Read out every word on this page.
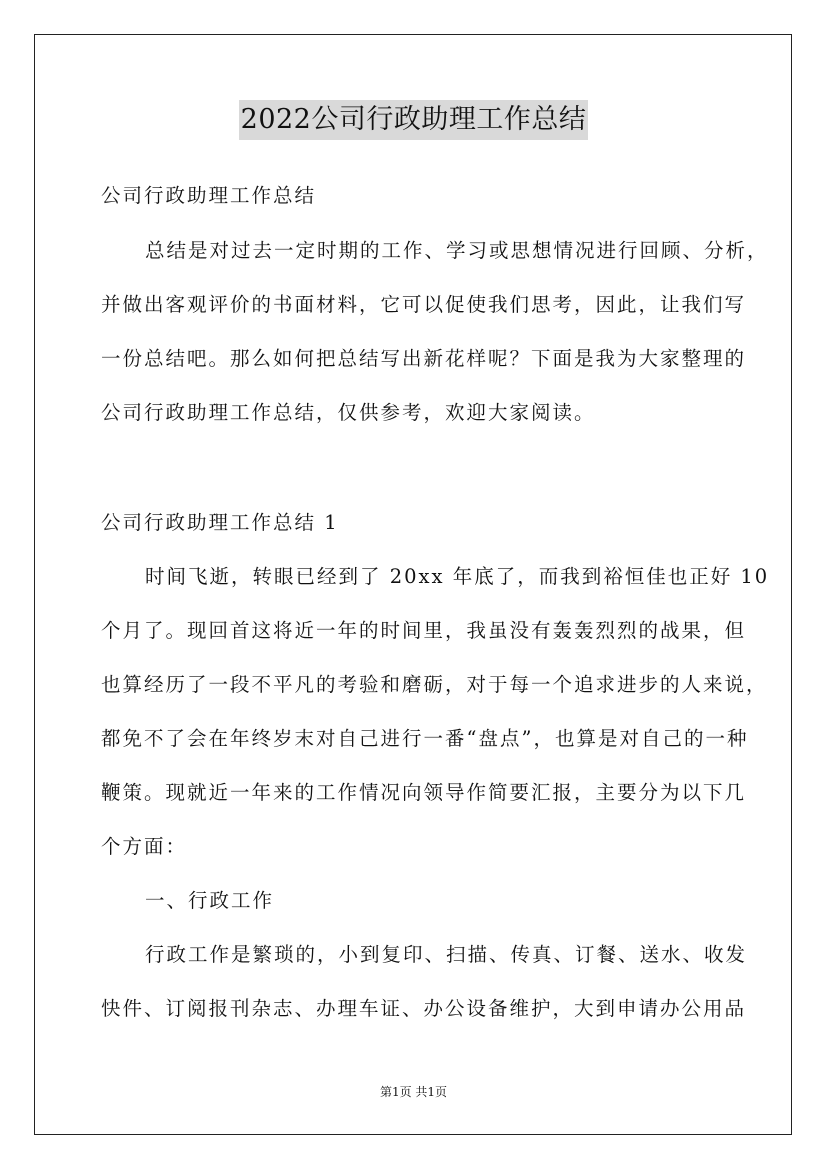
2022公司行政助理工作总结
公司行政助理工作总结
总结是对过去一定时期的工作、学习或思想情况进行回顾、分析，
并做出客观评价的书面材料，它可以促使我们思考，因此，让我们写
一份总结吧。那么如何把总结写出新花样呢？下面是我为大家整理的
公司行政助理工作总结，仅供参考，欢迎大家阅读。
公司行政助理工作总结 1
时间飞逝，转眼已经到了 20xx 年底了，而我到裕恒佳也正好 10
个月了。现回首这将近一年的时间里，我虽没有轰轰烈烈的战果，但
也算经历了一段不平凡的考验和磨砺，对于每一个追求进步的人来说，
都免不了会在年终岁末对自己进行一番“盘点”，也算是对自己的一种
鞭策。现就近一年来的工作情况向领导作简要汇报，主要分为以下几
个方面：
一、行政工作
行政工作是繁琐的，小到复印、扫描、传真、订餐、送水、收发
快件、订阅报刊杂志、办理车证、办公设备维护，大到申请办公用品
第1页 共1页
